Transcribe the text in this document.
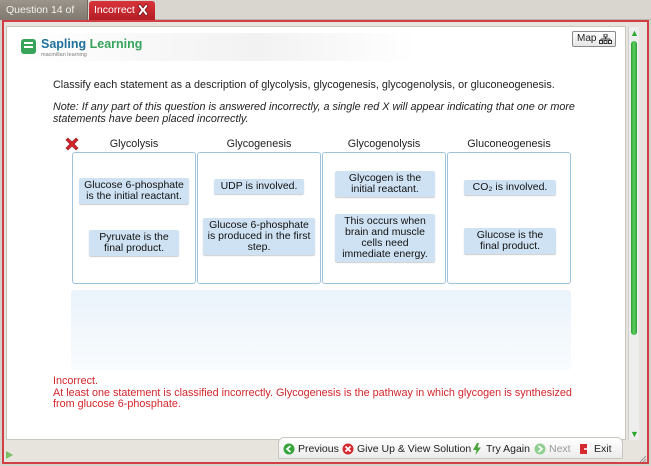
Question 14 of	Incorrect
Sapling Learning
macmillan learning
Map
Classify each statement as a description of glycolysis, glycogenesis, glycogenolysis, or gluconeogenesis.
Note: If any part of this question is answered incorrectly, a single red X will appear indicating that one or more statements have been placed incorrectly.
Glycolysis	Glycogenesis	Glycogenolysis	Gluconeogenesis
Glucose 6-phosphate is the initial reactant.
Pyruvate is the final product.
UDP is involved.
Glucose 6-phosphate is produced in the first step.
Glycogen is the initial reactant.
This occurs when brain and muscle cells need immediate energy.
CO₂ is involved.
Glucose is the final product.
Incorrect.
At least one statement is classified incorrectly. Glycogenesis is the pathway in which glycogen is synthesized from glucose 6-phosphate.
▲
▼
Previous	Give Up & View Solution	Try Again	Next	Exit
